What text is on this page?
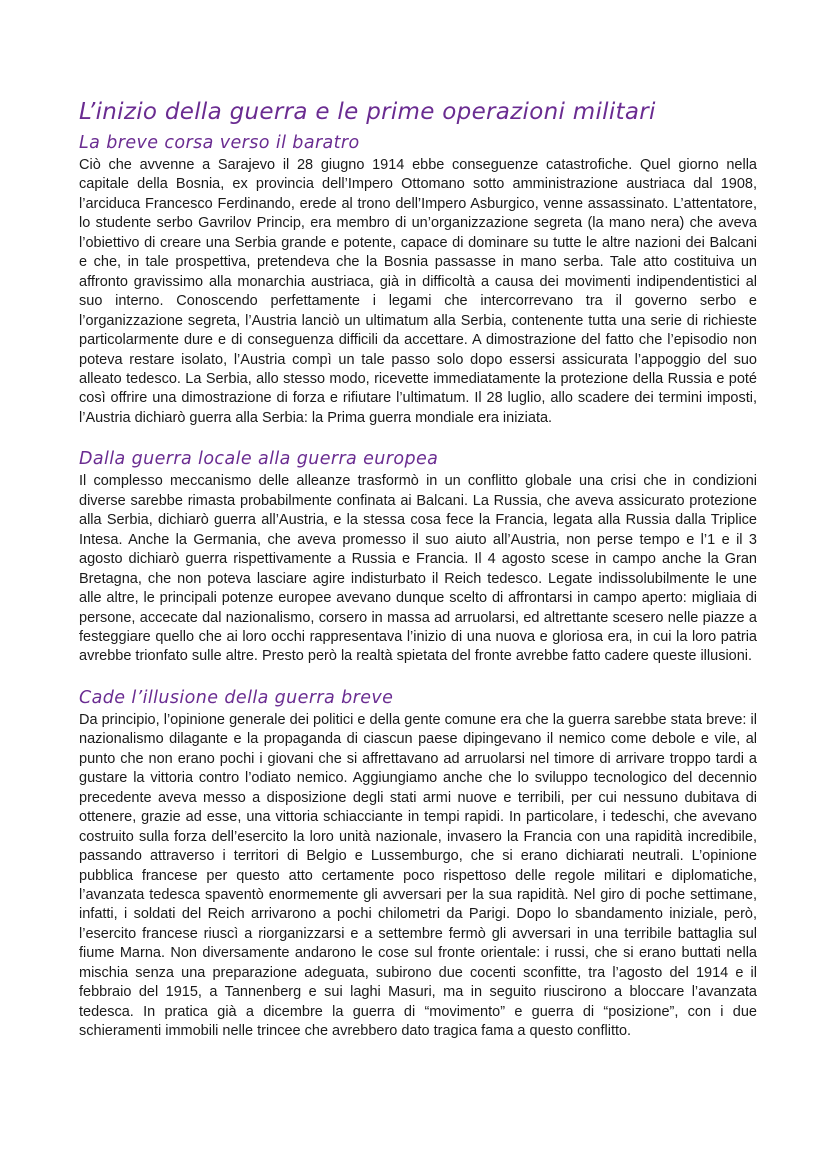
L’inizio della guerra e le prime operazioni militari
La breve corsa verso il baratro

Ciò che avvenne a Sarajevo il 28 giugno 1914 ebbe conseguenze catastrofiche. Quel giorno nella capitale della Bosnia, ex provincia dell’Impero Ottomano sotto amministrazione austriaca dal 1908, l’arciduca Francesco Ferdinando, erede al trono dell’Impero Asburgico, venne assassinato. L’attentatore, lo studente serbo Gavrilov Princip, era membro di un’organizzazione segreta (la mano nera) che aveva l’obiettivo di creare una Serbia grande e potente, capace di dominare su tutte le altre nazioni dei Balcani e che, in tale prospettiva, pretendeva che la Bosnia passasse in mano serba. Tale atto costituiva un affronto gravissimo alla monarchia austriaca, già in difficoltà a causa dei movimenti indipendentistici al suo interno. Conoscendo perfettamente i legami che intercorrevano tra il governo serbo e l’organizzazione segreta, l’Austria lanciò un ultimatum alla Serbia, contenente tutta una serie di richieste particolarmente dure e di conseguenza difficili da accettare. A dimostrazione del fatto che l’episodio non poteva restare isolato, l’Austria compì un tale passo solo dopo essersi assicurata l’appoggio del suo alleato tedesco. La Serbia, allo stesso modo, ricevette immediatamente la protezione della Russia e poté così offrire una dimostrazione di forza e rifiutare l’ultimatum. Il 28 luglio, allo scadere dei termini imposti, l’Austria dichiarò guerra alla Serbia: la Prima guerra mondiale era iniziata.

Dalla guerra locale alla guerra europea

Il complesso meccanismo delle alleanze trasformò in un conflitto globale una crisi che in condizioni diverse sarebbe rimasta probabilmente confinata ai Balcani. La Russia, che aveva assicurato protezione alla Serbia, dichiarò guerra all’Austria, e la stessa cosa fece la Francia, legata alla Russia dalla Triplice Intesa. Anche la Germania, che aveva promesso il suo aiuto all’Austria, non perse tempo e l’1 e il 3 agosto dichiarò guerra rispettivamente a Russia e Francia. Il 4 agosto scese in campo anche la Gran Bretagna, che non poteva lasciare agire indisturbato il Reich tedesco. Legate indissolubilmente le une alle altre, le principali potenze europee avevano dunque scelto di affrontarsi in campo aperto: migliaia di persone, accecate dal nazionalismo, corsero in massa ad arruolarsi, ed altrettante scesero nelle piazze a festeggiare quello che ai loro occhi rappresentava l’inizio di una nuova e gloriosa era, in cui la loro patria avrebbe trionfato sulle altre. Presto però la realtà spietata del fronte avrebbe fatto cadere queste illusioni.

Cade l’illusione della guerra breve

Da principio, l’opinione generale dei politici e della gente comune era che la guerra sarebbe stata breve: il nazionalismo dilagante e la propaganda di ciascun paese dipingevano il nemico come debole e vile, al punto che non erano pochi i giovani che si affrettavano ad arruolarsi nel timore di arrivare troppo tardi a gustare la vittoria contro l’odiato nemico. Aggiungiamo anche che lo sviluppo tecnologico del decennio precedente aveva messo a disposizione degli stati armi nuove e terribili, per cui nessuno dubitava di ottenere, grazie ad esse, una vittoria schiacciante in tempi rapidi. In particolare, i tedeschi, che avevano costruito sulla forza dell’esercito la loro unità nazionale, invasero la Francia con una rapidità incredibile, passando attraverso i territori di Belgio e Lussemburgo, che si erano dichiarati neutrali. L’opinione pubblica francese per questo atto certamente poco rispettoso delle regole militari e diplomatiche, l’avanzata tedesca spaventò enormemente gli avversari per la sua rapidità. Nel giro di poche settimane, infatti, i soldati del Reich arrivarono a pochi chilometri da Parigi. Dopo lo sbandamento iniziale, però, l’esercito francese riuscì a riorganizzarsi e a settembre fermò gli avversari in una terribile battaglia sul fiume Marna. Non diversamente andarono le cose sul fronte orientale: i russi, che si erano buttati nella mischia senza una preparazione adeguata, subirono due cocenti sconfitte, tra l’agosto del 1914 e il febbraio del 1915, a Tannenberg e sui laghi Masuri, ma in seguito riuscirono a bloccare l’avanzata tedesca. In pratica già a dicembre la guerra di “movimento” e guerra di “posizione”, con i due schieramenti immobili nelle trincee che avrebbero dato tragica fama a questo conflitto.
